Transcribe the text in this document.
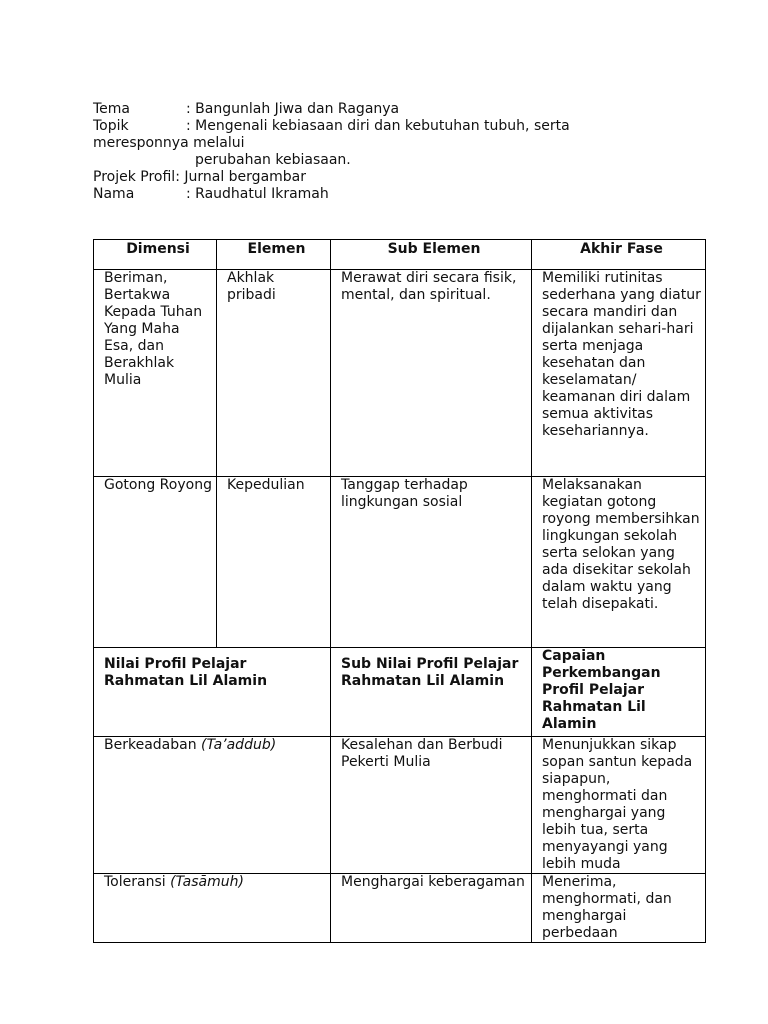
Tema	: Bangunlah Jiwa dan Raganya
Topik	: Mengenali kebiasaan diri dan kebutuhan tubuh, serta
meresponnya melalui
perubahan kebiasaan.
Projek Profil: Jurnal bergambar
Nama	: Raudhatul Ikramah
Dimensi	Elemen	Sub Elemen	Akhir Fase
Beriman, Bertakwa Kepada Tuhan Yang Maha Esa, dan Berakhlak Mulia	Akhlak pribadi	Merawat diri secara fisik, mental, dan spiritual.	Memiliki rutinitas sederhana yang diatur secara mandiri dan dijalankan sehari-hari serta menjaga kesehatan dan keselamatan/ keamanan diri dalam semua aktivitas kesehariannya.
Gotong Royong	Kepedulian	Tanggap terhadap lingkungan sosial	Melaksanakan kegiatan gotong royong membersihkan lingkungan sekolah serta selokan yang ada disekitar sekolah dalam waktu yang telah disepakati.
Nilai Profil Pelajar Rahmatan Lil Alamin		Sub Nilai Profil Pelajar Rahmatan Lil Alamin	Capaian Perkembangan Profil Pelajar Rahmatan Lil Alamin
Berkeadaban (Ta’addub)		Kesalehan dan Berbudi Pekerti Mulia	Menunjukkan sikap sopan santun kepada siapapun, menghormati dan menghargai yang lebih tua, serta menyayangi yang lebih muda
Toleransi (Tasāmuh)		Menghargai keberagaman	Menerima, menghormati, dan menghargai perbedaan
